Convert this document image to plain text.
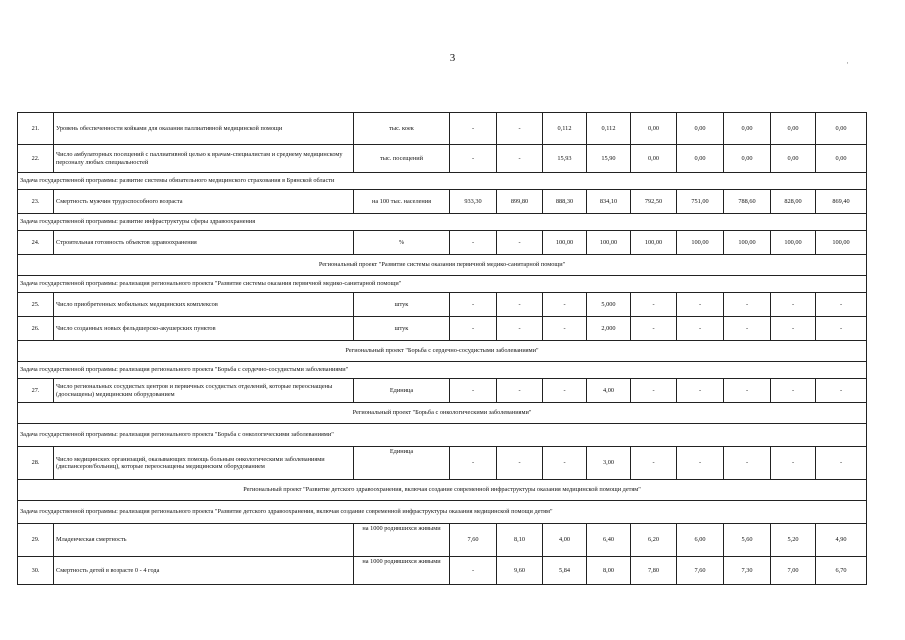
3	·
21.	Уровень обеспеченности койками для оказания паллиативной медицинской помощи	тыс. коек	-	-	0,112	0,112	0,00	0,00	0,00	0,00	0,00
22.	Число амбулаторных посещений с паллиативной целью к врачам-специалистам и среднему медицинскому персоналу любых специальностей	тыс. посещений	-	-	15,93	15,90	0,00	0,00	0,00	0,00	0,00
Задача государственной программы: развитие системы обязательного медицинского страхования в Брянской области											
23.	Смертность мужчин трудоспособного возраста	на 100 тыс. населения	933,30	899,80	888,30	834,10	792,50	751,00	788,60	828,00	869,40
Задача государственной программы: развитие инфраструктуры сферы здравоохранения											
24.	Строительная готовность объектов здравоохранения	%	-	-	100,00	100,00	100,00	100,00	100,00	100,00	100,00
Региональный проект "Развитие системы оказания первичной медико-санитарной помощи"											
Задача государственной программы: реализация регионального проекта "Развитие системы оказания первичной медико-санитарной помощи"											
25.	Число приобретенных мобильных медицинских комплексов	штук	-	-	-	5,000	-	-	-	-	-
26.	Число созданных новых фельдшерско-акушерских пунктов	штук	-	-	-	2,000	-	-	-	-	-
Региональный проект "Борьба с сердечно-сосудистыми заболеваниями"											
Задача государственной программы: реализация регионального проекта "Борьба с сердечно-сосудистыми заболеваниями"											
27.	Число региональных сосудистых центров и первичных сосудистых отделений, которые переоснащены (дооснащены) медицинским оборудованием	Единица	-	-	-	4,00	-	-	-	-	-
Региональный проект "Борьба с онкологическими заболеваниями"											
Задача государственной программы: реализация регионального проекта "Борьба с онкологическими заболеваниями"											
28.	Число медицинских организаций, оказывающих помощь больным онкологическими заболеваниями (диспансеров/больниц), которые переоснащены медицинским оборудованием	Единица	-	-	-	3,00	-	-	-	-	-
Региональный проект "Развитие детского здравоохранения, включая создание современной инфраструктуры оказания медицинской помощи детям"											
Задача государственной программы: реализация регионального проекта "Развитие детского здравоохранения, включая создание современной инфраструктуры оказания медицинской помощи детям"											
29.	Младенческая смертность	на 1000 родившихся живыми	7,60	8,10	4,00	6,40	6,20	6,00	5,60	5,20	4,90
30.	Смертность детей в возрасте 0 - 4 года	на 1000 родившихся живыми	-	9,60	5,84	8,00	7,80	7,60	7,30	7,00	6,70
